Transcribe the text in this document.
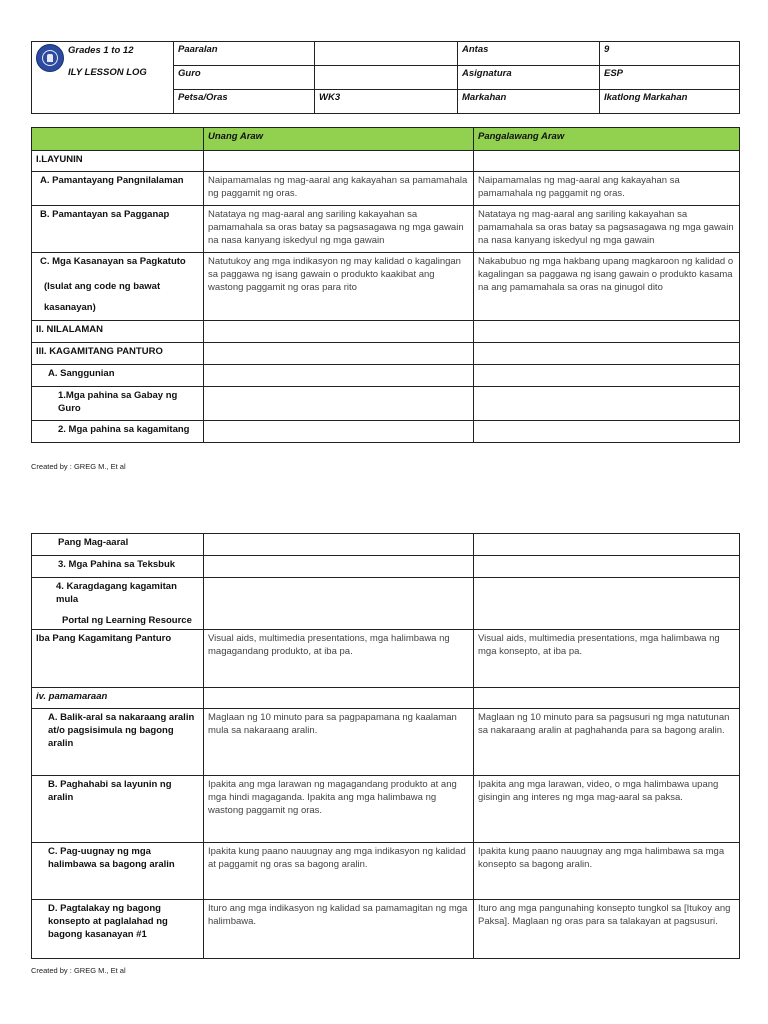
Grades 1 to 12
ILY LESSON LOG	Paaralan		Antas	9
	Guro		Asignatura	ESP
	Petsa/Oras	WK3	Markahan	Ikatlong Markahan
	Unang Araw	Pangalawang Araw
I.LAYUNIN		
A. Pamantayang Pangnilalaman	Naipamamalas ng mag-aaral ang kakayahan sa pamamahala ng paggamit ng oras.	Naipamamalas ng mag-aaral ang kakayahan sa pamamahala ng paggamit ng oras.
B. Pamantayan sa Pagganap	Natataya ng mag-aaral ang sariling kakayahan sa pamamahala sa oras batay sa pagsasagawa ng mga gawain na nasa kanyang iskedyul ng mga gawain	Natataya ng mag-aaral ang sariling kakayahan sa pamamahala sa oras batay sa pagsasagawa ng mga gawain na nasa kanyang iskedyul ng mga gawain

C. Mga Kasanayan sa Pagkatuto
(Isulat ang code ng bawat kasanayan)	Natutukoy ang mga indikasyon ng may kalidad o kagalingan sa paggawa ng isang gawain o produkto kaakibat ang wastong paggamit ng oras para rito	Nakabubuo ng mga hakbang upang magkaroon ng kalidad o kagalingan sa paggawa ng isang gawain o produkto kasama na ang pamamahala sa oras na ginugol dito
II. NILALAMAN		
III. KAGAMITANG PANTURO		
A. Sanggunian		
1.Mga pahina sa Gabay ng Guro		
2. Mga pahina sa kagamitang		
Created by : GREG M., Et al
Pang Mag-aaral		
3. Mga Pahina sa Teksbuk		

4. Karagdagang kagamitan mula
Portal ng Learning Resource		

Iba Pang Kagamitang Panturo	Visual aids, multimedia presentations, mga halimbawa ng magagandang produkto, at iba pa.	Visual aids, multimedia presentations, mga halimbawa ng mga konsepto, at iba pa.
iv. pamamaraan		
A. Balik-aral sa nakaraang aralin at/o pagsisimula ng bagong aralin	Maglaan ng 10 minuto para sa pagpapamana ng kaalaman mula sa nakaraang aralin.	Maglaan ng 10 minuto para sa pagsusuri ng mga natutunan sa nakaraang aralin at paghahanda para sa bagong aralin.
B. Paghahabi sa layunin ng aralin	Ipakita ang mga larawan ng magagandang produkto at ang mga hindi magaganda. Ipakita ang mga halimbawa ng wastong paggamit ng oras.	Ipakita ang mga larawan, video, o mga halimbawa upang gisingin ang interes ng mga mag-aaral sa paksa.
C. Pag-uugnay ng mga halimbawa sa bagong aralin	Ipakita kung paano nauugnay ang mga indikasyon ng kalidad at paggamit ng oras sa bagong aralin.	Ipakita kung paano nauugnay ang mga halimbawa sa mga konsepto sa bagong aralin.
D. Pagtalakay ng bagong konsepto at paglalahad ng bagong kasanayan #1	Ituro ang mga indikasyon ng kalidad sa pamamagitan ng mga halimbawa.	Ituro ang mga pangunahing konsepto tungkol sa [Itukoy ang Paksa]. Maglaan ng oras para sa talakayan at pagsusuri.
Created by : GREG M., Et al
